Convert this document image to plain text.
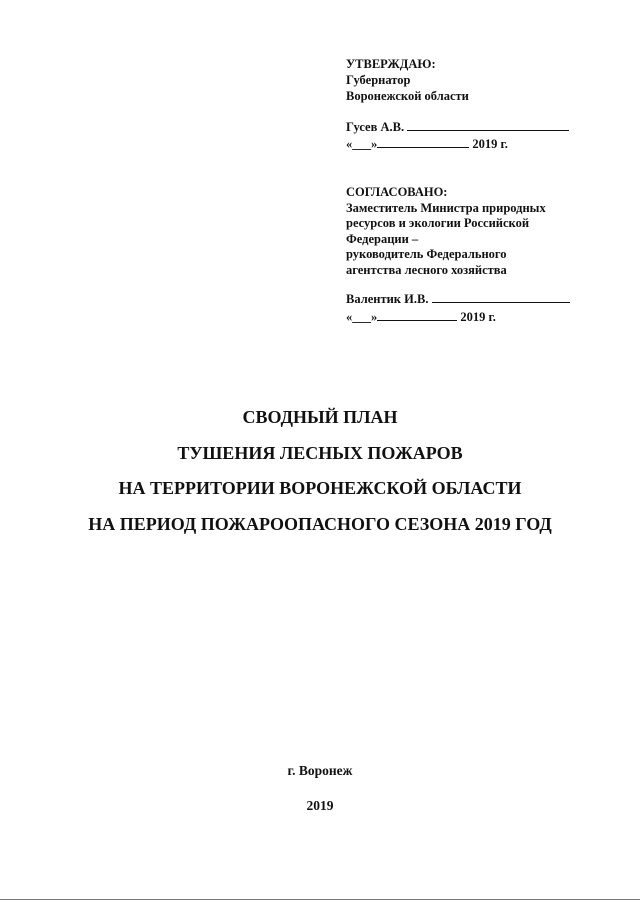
УТВЕРЖДАЮ:
Губернатор
Воронежской области
Гусев А.В.
«___»	2019 г.
СОГЛАСОВАНО:
Заместитель Министра природных
ресурсов и экологии Российской
Федерации –
руководитель Федерального
агентства лесного хозяйства
Валентик И.В.
«___»	2019 г.
СВОДНЫЙ ПЛАН
ТУШЕНИЯ ЛЕСНЫХ ПОЖАРОВ
НА ТЕРРИТОРИИ ВОРОНЕЖСКОЙ ОБЛАСТИ
НА ПЕРИОД ПОЖАРООПАСНОГО СЕЗОНА 2019 ГОД
г. Воронеж
2019
